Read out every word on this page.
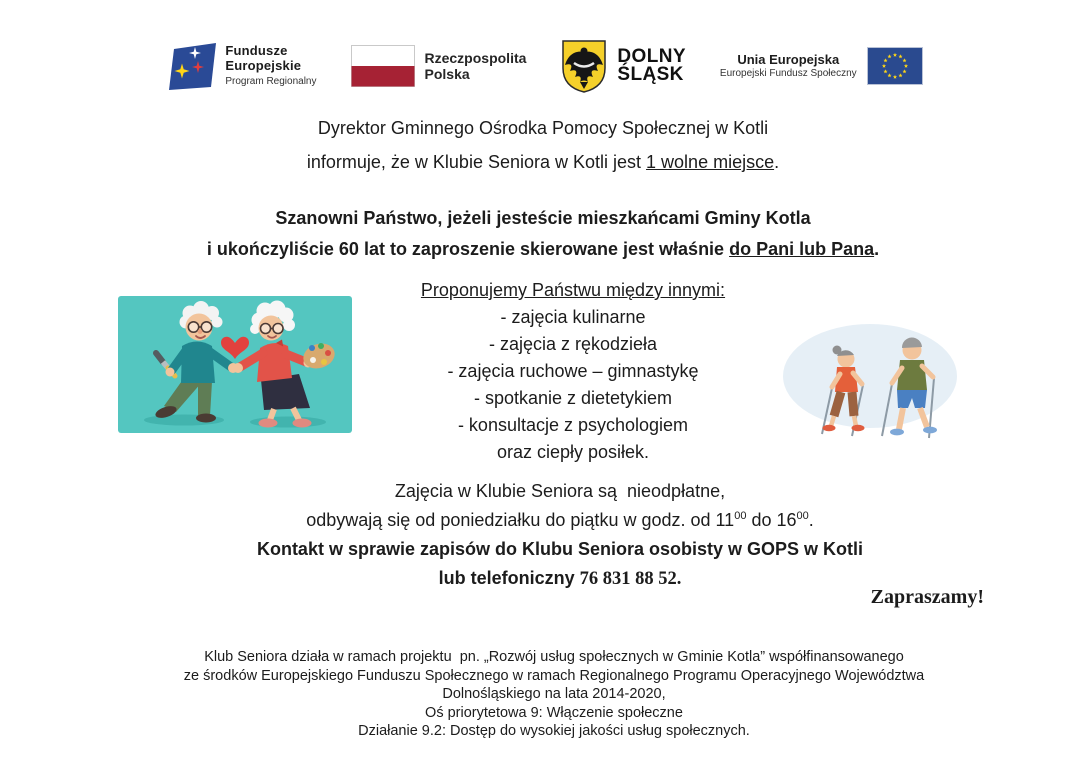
Fundusze
Europejskie
Program Regionalny
Rzeczpospolita
Polska
DOLNY
ŚLĄSK
Unia Europejska
Europejski Fundusz Społeczny
Dyrektor Gminnego Ośrodka Pomocy Społecznej w Kotli
informuje, że w Klubie Seniora w Kotli jest 1 wolne miejsce.
Szanowni Państwo, jeżeli jesteście mieszkańcami Gminy Kotla
i ukończyliście 60 lat to zaproszenie skierowane jest właśnie do Pani lub Pana.
Proponujemy Państwu między innymi:
- zajęcia kulinarne
- zajęcia z rękodzieła
- zajęcia ruchowe – gimnastykę
- spotkanie z dietetykiem
- konsultacje z psychologiem
oraz ciepły posiłek.
Zajęcia w Klubie Seniora są  nieodpłatne,
odbywają się od poniedziałku do piątku w godz. od $11^{00}$ do $16^{00}$.
Kontakt w sprawie zapisów do Klubu Seniora osobisty w GOPS w Kotli
lub telefoniczny 76 831 88 52.
Zapraszamy!
Klub Seniora działa w ramach projektu  pn. „Rozwój usług społecznych w Gminie Kotla” współfinansowanego
ze środków Europejskiego Funduszu Społecznego w ramach Regionalnego Programu Operacyjnego Województwa
Dolnośląskiego na lata 2014-2020,
Oś priorytetowa 9: Włączenie społeczne
Działanie 9.2: Dostęp do wysokiej jakości usług społecznych.
